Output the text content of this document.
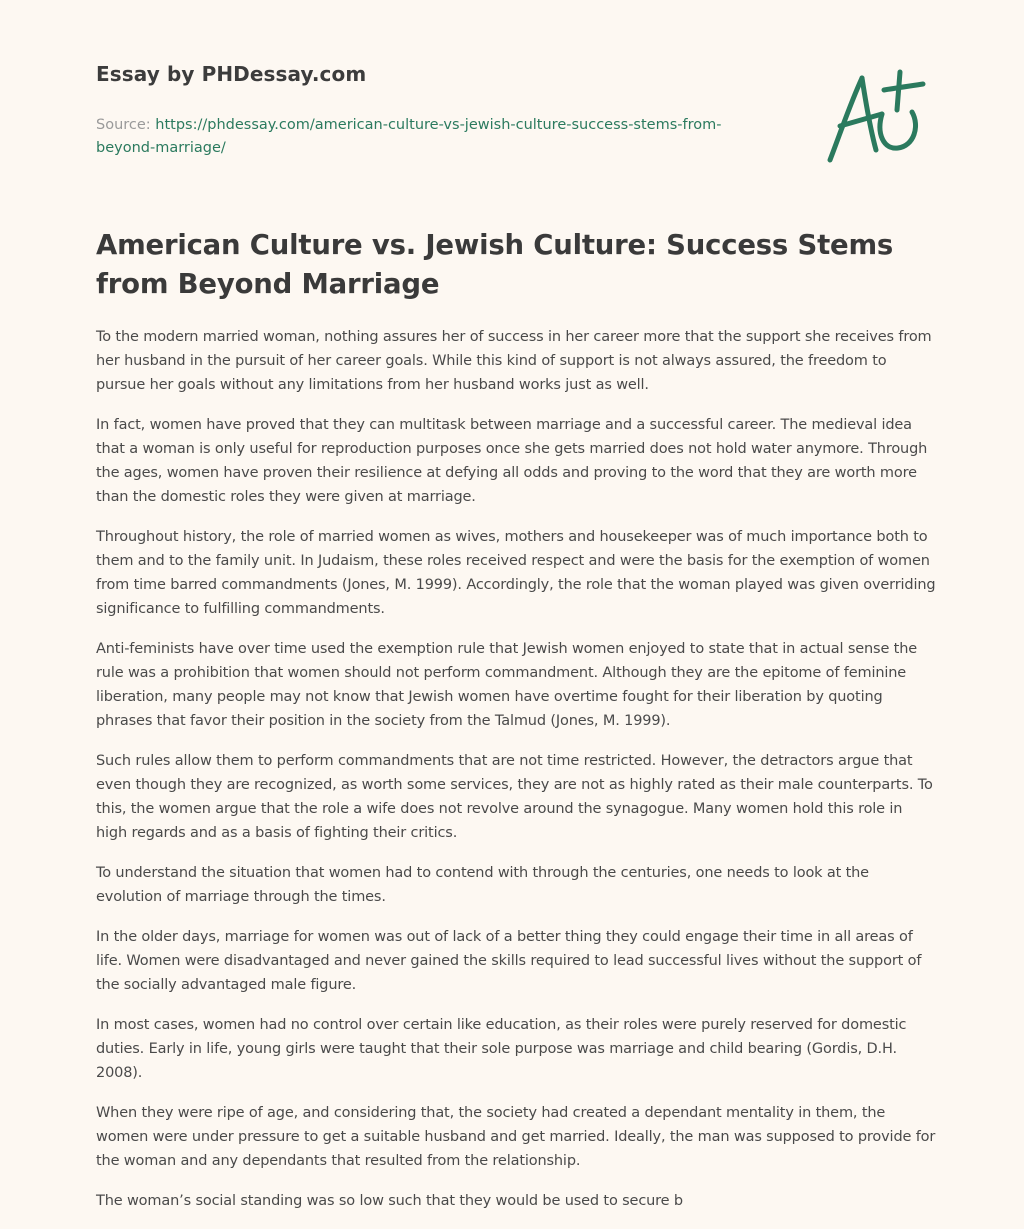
Essay by PHDessay.com
Source: https://phdessay.com/american-culture-vs-jewish-culture-success-stems-from-beyond-marriage/
American Culture vs. Jewish Culture: Success Stems from Beyond Marriage

To the modern married woman, nothing assures her of success in her career more that the support she receives from her husband in the pursuit of her career goals. While this kind of support is not always assured, the freedom to pursue her goals without any limitations from her husband works just as well.

In fact, women have proved that they can multitask between marriage and a successful career. The medieval idea that a woman is only useful for reproduction purposes once she gets married does not hold water anymore. Through the ages, women have proven their resilience at defying all odds and proving to the word that they are worth more than the domestic roles they were given at marriage.

Throughout history, the role of married women as wives, mothers and housekeeper was of much importance both to them and to the family unit. In Judaism, these roles received respect and were the basis for the exemption of women from time barred commandments (Jones, M. 1999). Accordingly, the role that the woman played was given overriding significance to fulfilling commandments.

Anti-feminists have over time used the exemption rule that Jewish women enjoyed to state that in actual sense the rule was a prohibition that women should not perform commandment. Although they are the epitome of feminine liberation, many people may not know that Jewish women have overtime fought for their liberation by quoting phrases that favor their position in the society from the Talmud (Jones, M. 1999).

Such rules allow them to perform commandments that are not time restricted. However, the detractors argue that even though they are recognized, as worth some services, they are not as highly rated as their male counterparts. To this, the women argue that the role a wife does not revolve around the synagogue. Many women hold this role in high regards and as a basis of fighting their critics.

To understand the situation that women had to contend with through the centuries, one needs to look at the evolution of marriage through the times.

In the older days, marriage for women was out of lack of a better thing they could engage their time in all areas of life. Women were disadvantaged and never gained the skills required to lead successful lives without the support of the socially advantaged male figure.

In most cases, women had no control over certain like education, as their roles were purely reserved for domestic duties. Early in life, young girls were taught that their sole purpose was marriage and child bearing (Gordis, D.H. 2008).

When they were ripe of age, and considering that, the society had created a dependant mentality in them, the women were under pressure to get a suitable husband and get married. Ideally, the man was supposed to provide for the woman and any dependants that resulted from the relationship.

The woman’s social standing was so low such that they would be used to secure b
